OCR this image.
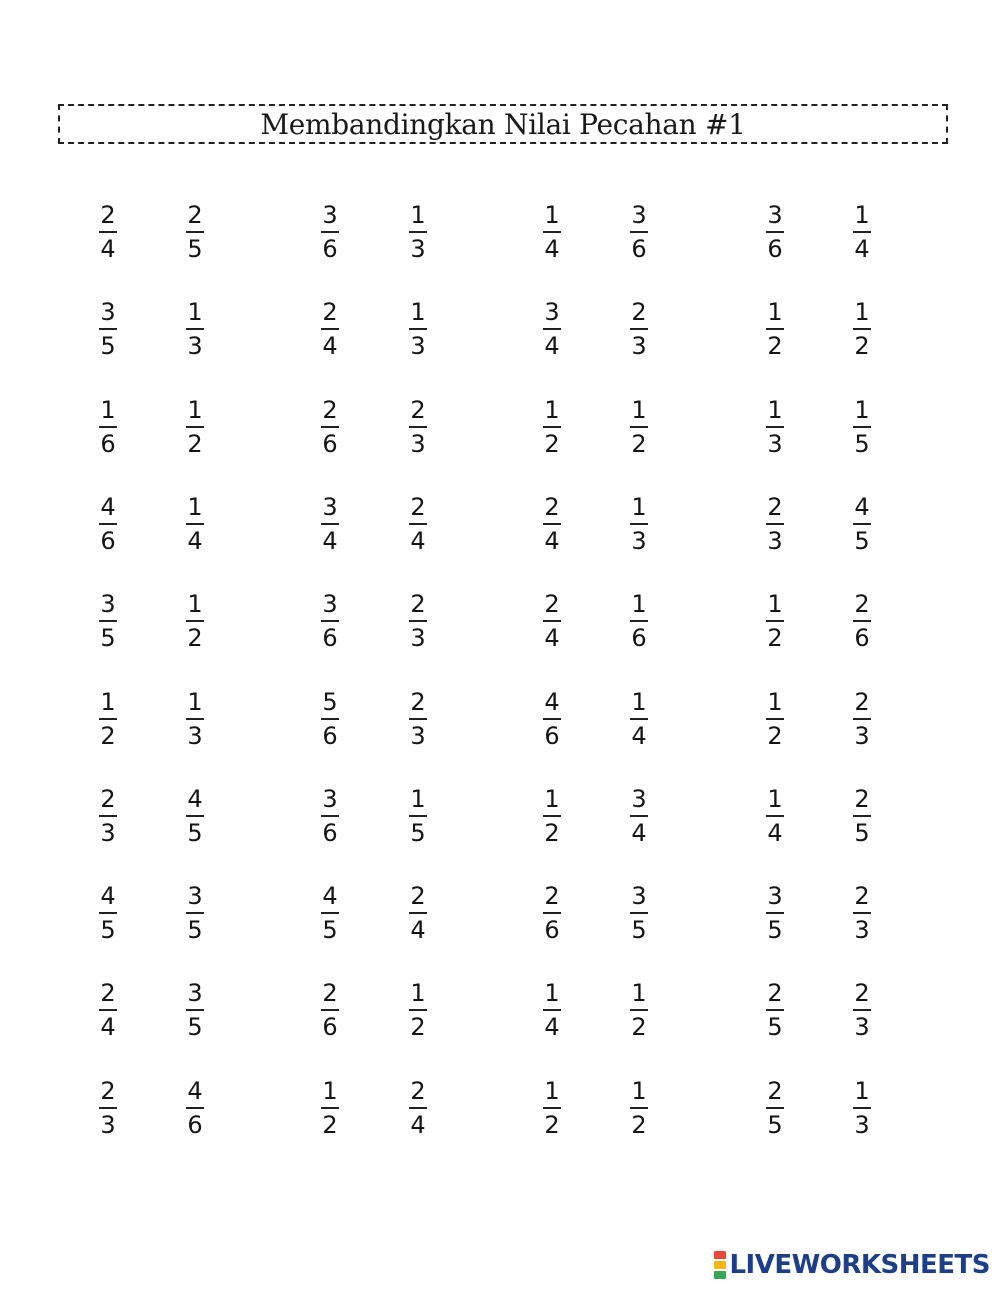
Membandingkan Nilai Pecahan #1
2
4
2
5
3
6
1
3
1
4
3
6
3
6
1
4
3
5
1
3
2
4
1
3
3
4
2
3
1
2
1
2
1
6
1
2
2
6
2
3
1
2
1
2
1
3
1
5
4
6
1
4
3
4
2
4
2
4
1
3
2
3
4
5
3
5
1
2
3
6
2
3
2
4
1
6
1
2
2
6
1
2
1
3
5
6
2
3
4
6
1
4
1
2
2
3
2
3
4
5
3
6
1
5
1
2
3
4
1
4
2
5
4
5
3
5
4
5
2
4
2
6
3
5
3
5
2
3
2
4
3
5
2
6
1
2
1
4
1
2
2
5
2
3
2
3
4
6
1
2
2
4
1
2
1
2
2
5
1
3
LIVEWORKSHEETS
